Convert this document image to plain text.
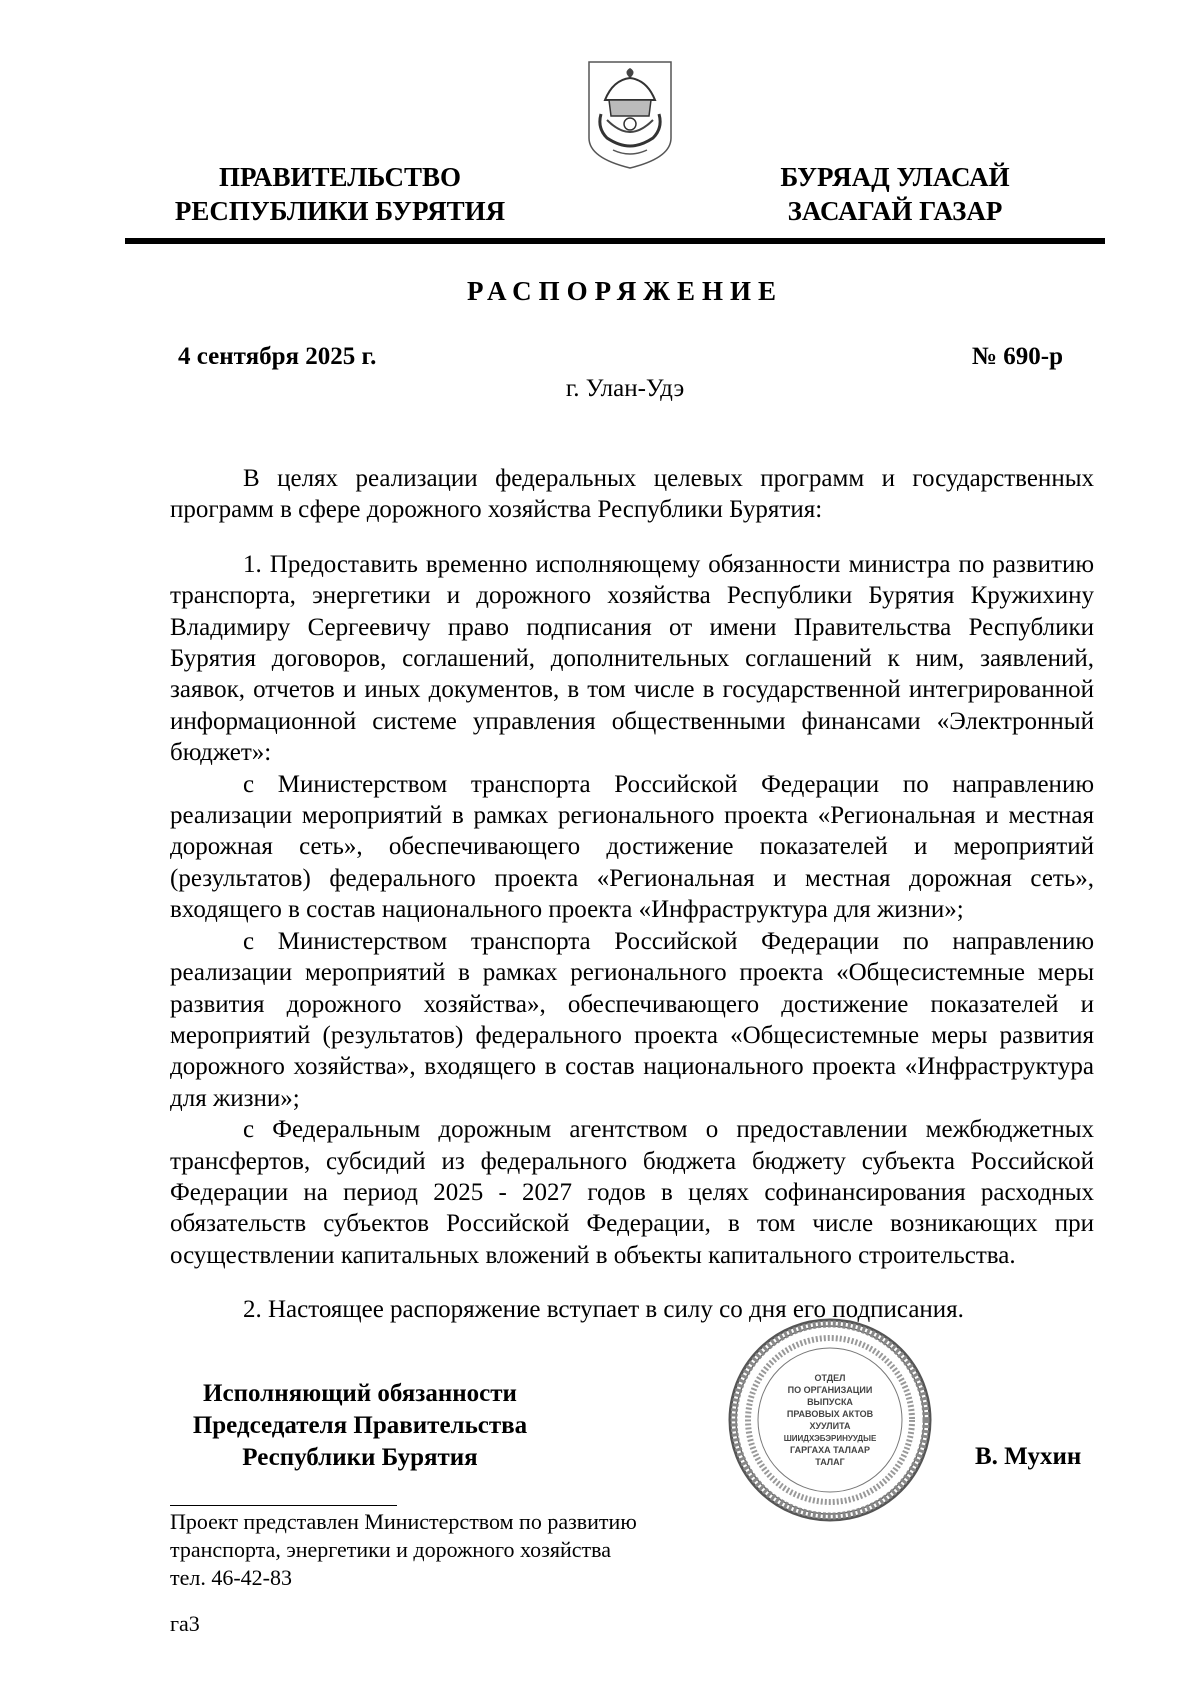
ПРАВИТЕЛЬСТВО
РЕСПУБЛИКИ БУРЯТИЯ
БУРЯАД УЛАСАЙ
ЗАСАГАЙ ГАЗАР
РАСПОРЯЖЕНИЕ
4 сентября 2025 г.	№ 690-р
г. Улан-Удэ

В целях реализации федеральных целевых программ и государственных программ в сфере дорожного хозяйства Республики Бурятия:

1. Предоставить временно исполняющему обязанности министра по развитию транспорта, энергетики и дорожного хозяйства Республики Бурятия Кружихину Владимиру Сергеевичу право подписания от имени Правительства Республики Бурятия договоров, соглашений, дополнительных соглашений к ним, заявлений, заявок, отчетов и иных документов, в том числе в государственной интегрированной информационной системе управления общественными финансами «Электронный бюджет»:

с Министерством транспорта Российской Федерации по направлению реализации мероприятий в рамках регионального проекта «Региональная и местная дорожная сеть», обеспечивающего достижение показателей и мероприятий (результатов) федерального проекта «Региональная и местная дорожная сеть», входящего в состав национального проекта «Инфраструктура для жизни»;

с Министерством транспорта Российской Федерации по направлению реализации мероприятий в рамках регионального проекта «Общесистемные меры развития дорожного хозяйства», обеспечивающего достижение показателей и мероприятий (результатов) федерального проекта «Общесистемные меры развития дорожного хозяйства», входящего в состав национального проекта «Инфраструктура для жизни»;

с Федеральным дорожным агентством о предоставлении межбюджетных трансфертов, субсидий из федерального бюджета бюджету субъекта Российской Федерации на период 2025 - 2027 годов в целях софинансирования расходных обязательств субъектов Российской Федерации, в том числе возникающих при осуществлении капитальных вложений в объекты капитального строительства.

2. Настоящее распоряжение вступает в силу со дня его подписания.

Исполняющий обязанности
Председателя Правительства
Республики Бурятия
ОТДЕЛ
ПО ОРГАНИЗАЦИИ
ВЫПУСКА
ПРАВОВЫХ АКТОВ
ХУУЛИТА
ШИИДХЭБЭРИНУУДЫЕ
ГАРГАХА ТАЛААР
ТАЛАГ	В. Мухин
Проект представлен Министерством по развитию
транспорта, энергетики и дорожного хозяйства
тел. 46-42-83
га3
